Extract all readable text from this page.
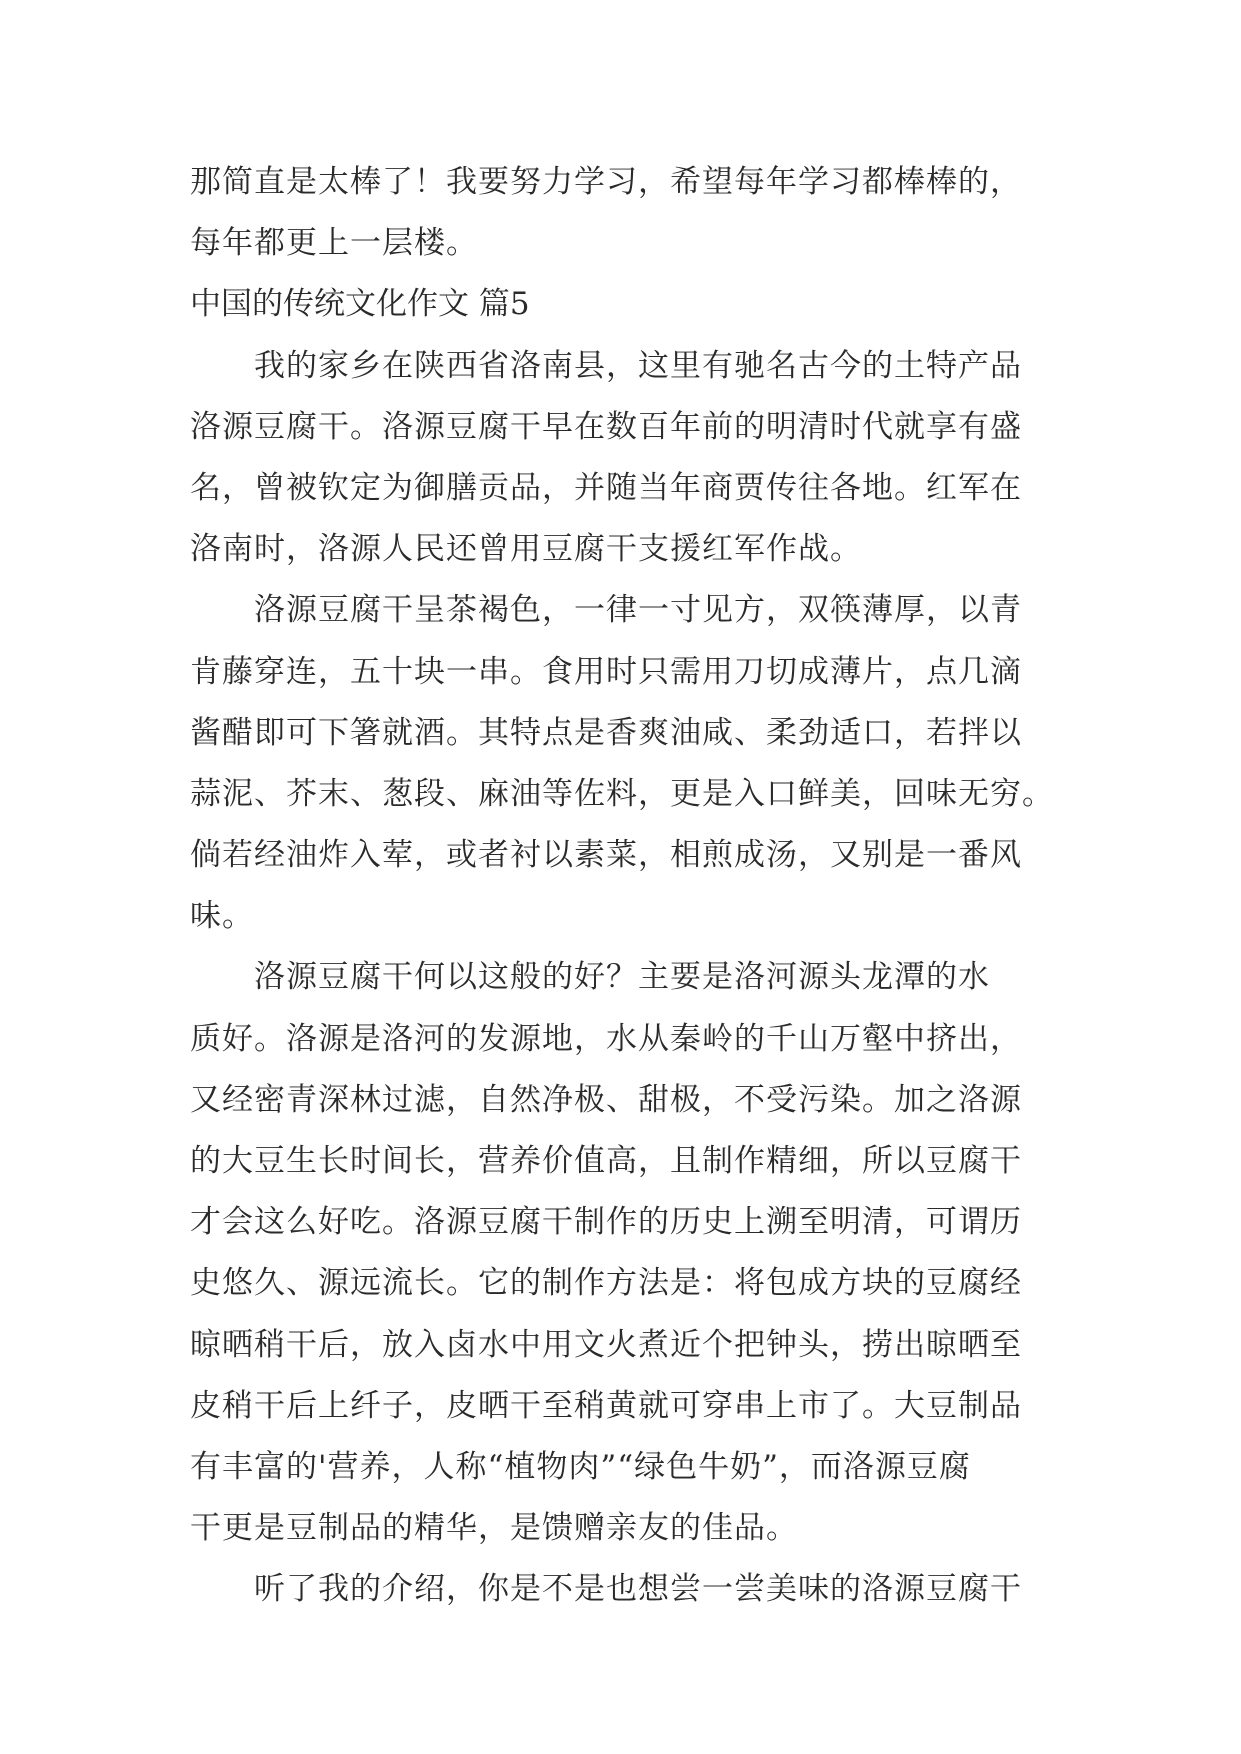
那简直是太棒了！我要努力学习，希望每年学习都棒棒的，
每年都更上一层楼。
中国的传统文化作文 篇5
　　我的家乡在陕西省洛南县，这里有驰名古今的土特产品
洛源豆腐干。洛源豆腐干早在数百年前的明清时代就享有盛
名，曾被钦定为御膳贡品，并随当年商贾传往各地。红军在
洛南时，洛源人民还曾用豆腐干支援红军作战。
　　洛源豆腐干呈茶褐色，一律一寸见方，双筷薄厚，以青
肯藤穿连，五十块一串。食用时只需用刀切成薄片，点几滴
酱醋即可下箸就酒。其特点是香爽油咸、柔劲适口，若拌以
蒜泥、芥末、葱段、麻油等佐料，更是入口鲜美，回味无穷。
倘若经油炸入荤，或者衬以素菜，相煎成汤，又别是一番风
味。
　　洛源豆腐干何以这般的好？主要是洛河源头龙潭的水
质好。洛源是洛河的发源地，水从秦岭的千山万壑中挤出，
又经密青深林过滤，自然净极、甜极，不受污染。加之洛源
的大豆生长时间长，营养价值高，且制作精细，所以豆腐干
才会这么好吃。洛源豆腐干制作的历史上溯至明清，可谓历
史悠久、源远流长。它的制作方法是：将包成方块的豆腐经
晾晒稍干后，放入卤水中用文火煮近个把钟头，捞出晾晒至
皮稍干后上纤子，皮晒干至稍黄就可穿串上市了。大豆制品
有丰富的'营养，人称“植物肉”“绿色牛奶”，而洛源豆腐
干更是豆制品的精华，是馈赠亲友的佳品。
　　听了我的介绍，你是不是也想尝一尝美味的洛源豆腐干
